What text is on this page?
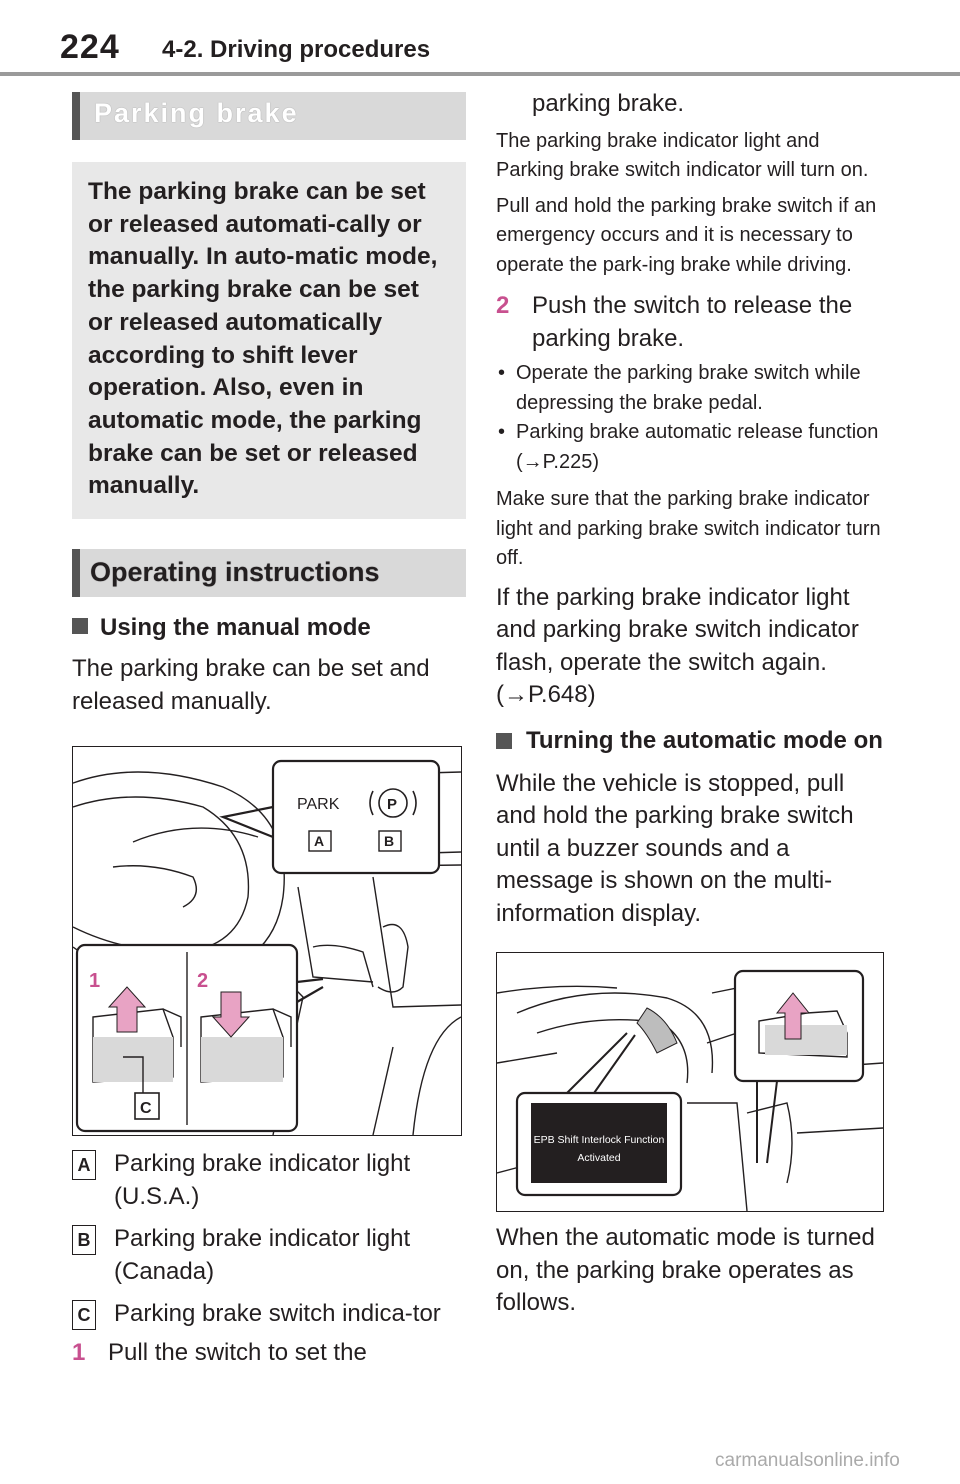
224 4-2. Driving procedures
Parking brake
The parking brake can be set or released automati-cally or manually. In auto-matic mode, the parking brake can be set or released automatically according to shift lever operation. Also, even in automatic mode, the parking brake can be set or released manually.
Operating instructions
Using the manual mode
The parking brake can be set and released manually.
PARK	P
A	B
1	2
C
A Parking brake indicator light (U.S.A.)
B Parking brake indicator light (Canada)
C Parking brake switch indica-tor
1 Pull the switch to set the
parking brake.
The parking brake indicator light and Parking brake switch indicator will turn on.
Pull and hold the parking brake switch if an emergency occurs and it is necessary to operate the park-ing brake while driving.
2 Push the switch to release the parking brake.
• Operate the parking brake switch while depressing the brake pedal.
• Parking brake automatic release function (→P.225)
Make sure that the parking brake indicator light and parking brake switch indicator turn off.
If the parking brake indicator light and parking brake switch indicator flash, operate the switch again. (→P.648)
Turning the automatic mode on
While the vehicle is stopped, pull and hold the parking brake switch until a buzzer sounds and a message is shown on the multi-information display.
EPB Shift Interlock Function
Activated
When the automatic mode is turned on, the parking brake operates as follows.
carmanualsonline.info
